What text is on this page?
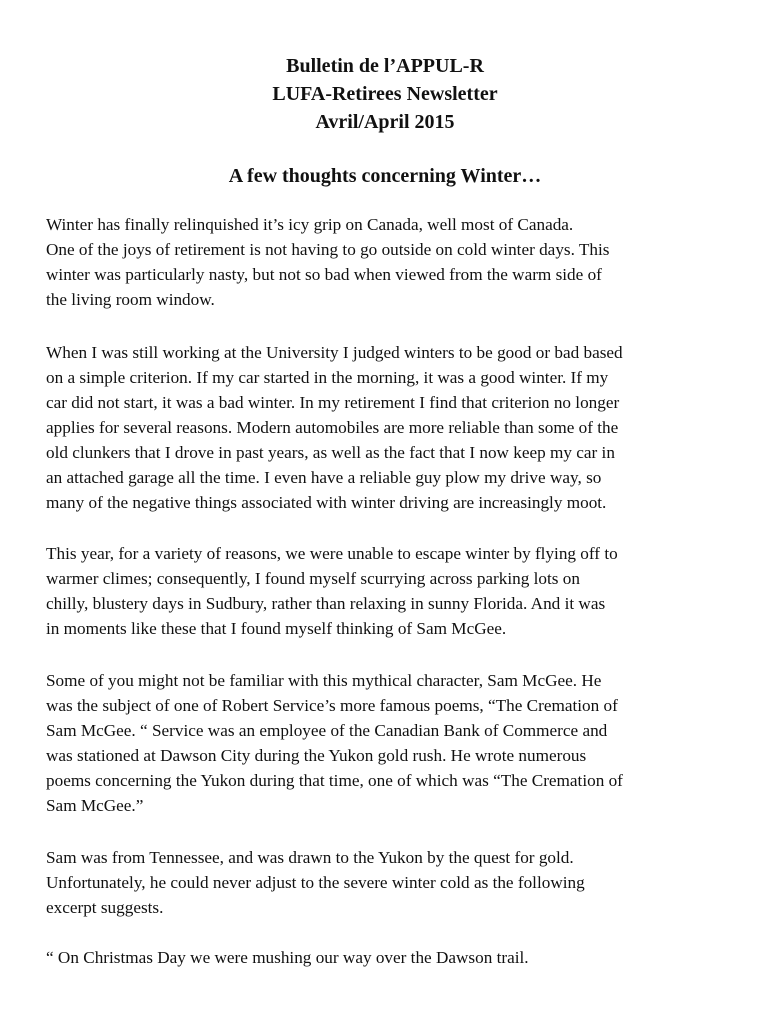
Bulletin de l’APPUL-R
LUFA-Retirees Newsletter
Avril/April 2015
A few thoughts concerning Winter…
Winter has finally relinquished it’s icy grip on Canada, well most of Canada.
One of the joys of retirement is not having to go outside on cold winter days. This
winter was particularly nasty, but not so bad when viewed from the warm side of
the living room window.
When I was still working at the University I judged winters to be good or bad based
on a simple criterion. If my car started in the morning, it was a good winter. If my
car did not start, it was a bad winter. In my retirement I find that criterion no longer
applies for several reasons. Modern automobiles are more reliable than some of the
old clunkers that I drove in past years, as well as the fact that I now keep my car in
an attached garage all the time. I even have a reliable guy plow my drive way, so
many of the negative things associated with winter driving are increasingly moot.
This year, for a variety of reasons, we were unable to escape winter by flying off to
warmer climes; consequently, I found myself scurrying across parking lots on
chilly, blustery days in Sudbury, rather than relaxing in sunny Florida. And it was
in moments like these that I found myself thinking of Sam McGee.
Some of you might not be familiar with this mythical character, Sam McGee. He
was the subject of one of Robert Service’s more famous poems, “The Cremation of
Sam McGee. “ Service was an employee of the Canadian Bank of Commerce and
was stationed at Dawson City during the Yukon gold rush. He wrote numerous
poems concerning the Yukon during that time, one of which was “The Cremation of
Sam McGee.”
Sam was from Tennessee, and was drawn to the Yukon by the quest for gold.
Unfortunately, he could never adjust to the severe winter cold as the following
excerpt suggests.
“ On Christmas Day we were mushing our way over the Dawson trail.
